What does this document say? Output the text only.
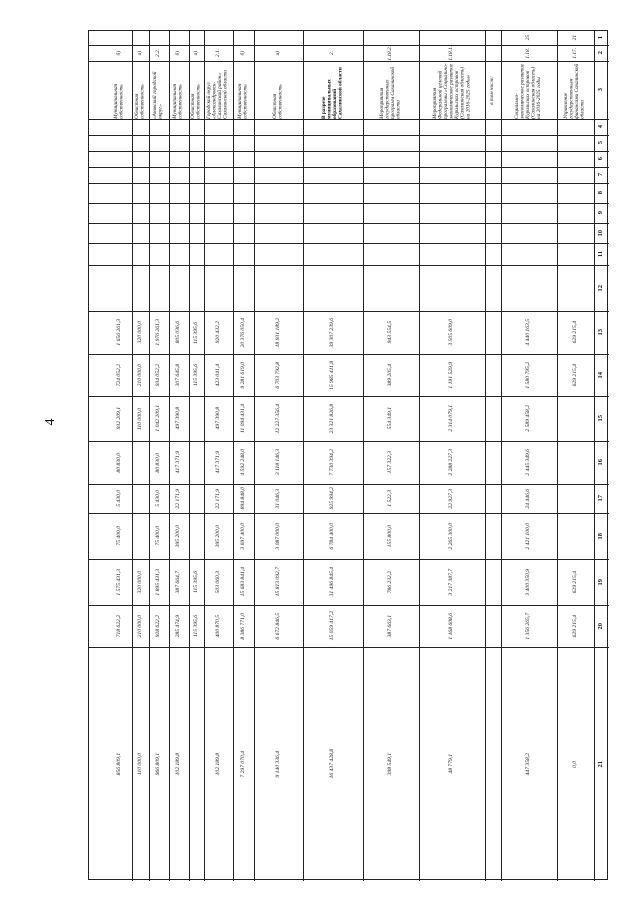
4
1
2
3
4
5
6
7
8
9
10
11
12
13
14
15
16
17
18
19
20
21
21
1.17.
Управление государственным финансами Сахалинской области
629 215,4
629 215,4
629 215,4
629 215,4
0,0
25
1.18.
Социально-экономическое развитие Курильских островов (Сахалинская область) на 2016-2025 годы
4 440 163,5
1 580 795,2
2 589 458,2
2 445 349,6
24 446,6
2 421 100,0
3 400 350,9
1 356 265,7
447 358,2
в том числе:
1.18.1.
Мероприятия Федеральной целевой программы «Социально-экономическое развитие Курильских островов (Сахалинская область) на 2016-2025 годы»
3 505 609,0
1 191 529,9
2 314 079,1
2 288 227,3
22 927,3
2 265 300,0
3 217 387,7
1 168 608,6
48 779,1
1.18.2.
Мероприятия государственных программ Сахалинской области
943 554,5
389 205,4
554 349,1
157 322,3
1 522,3
155 800,0
786 232,2
387 663,1
398 549,1
2.
В разрезе муниципальных образований Сахалинской области
39 307 239,6
15 985 411,8
23 321 826,8
7 730 394,2
925 994,2
6 784 400,0
31 496 845,4
15 059 417,2
16 437 428,8
а)
Областная собственность
18 931 189,2
6 703 792,8
12 227 356,4
3 118 146,3
31 046,3
3 087 000,0
15 813 092,7
6 672 846,5
9 140 336,4
б)
Муниципальная собственность
20 376 050,4
9 281 619,0
11 094 431,4
4 592 248,0
894 848,0
3 697 400,0
15 683 841,4
8 386 771,0
7 297 070,4
2.1.
Городской округ «Александровск-Сахалинский район» Сахалинской области
920 432,2
423 041,4
497 390,8
417 371,9
22 171,9
395 200,0
503 060,3
400 870,5
102 189,8
а)
Областная собственность
115 395,6
115 395,6
115 395,6
115 395,6
б)
Муниципальная собственность
805 036,6
307 645,8
497 390,8
417 371,9
22 171,9
395 200,0
387 664,7
285 474,9
102 189,8
2.2.
«Анивский городской округ»
1 976 261,3
934 052,2
1 042 209,1
80 830,0
5 430,0
75 400,0
1 895 431,3
928 622,2
966 809,1
а)
Областная собственность
320 000,0
210 000,0
110 000,0
320 000,0
210 000,0
110 000,0
б)
Муниципальная собственность
1 656 261,3
724 052,2
932 209,1
80 830,0
5 430,0
75 400,0
1 575 431,3
718 622,2
856 809,1
